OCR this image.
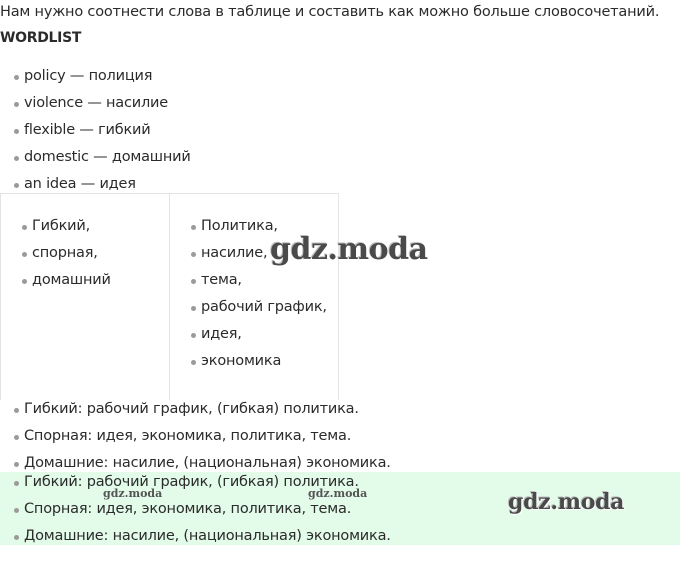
Нам нужно соотнести слова в таблице и составить как можно больше словосочетаний.
WORDLIST
policy — полиция
violence — насилие
flexible — гибкий
domestic — домашний
an idea — идея
Гибкий,
спорная,
домашний
Политика,
насилие,
тема,
рабочий график,
идея,
экономика
Гибкий: рабочий график, (гибкая) политика.
Спорная: идея, экономика, политика, тема.
Домашние: насилие, (национальная) экономика.
Гибкий: рабочий график, (гибкая) политика.
Спорная: идея, экономика, политика, тема.
Домашние: насилие, (национальная) экономика.
gdz.moda
gdz.moda	gdz.moda	gdz.moda
